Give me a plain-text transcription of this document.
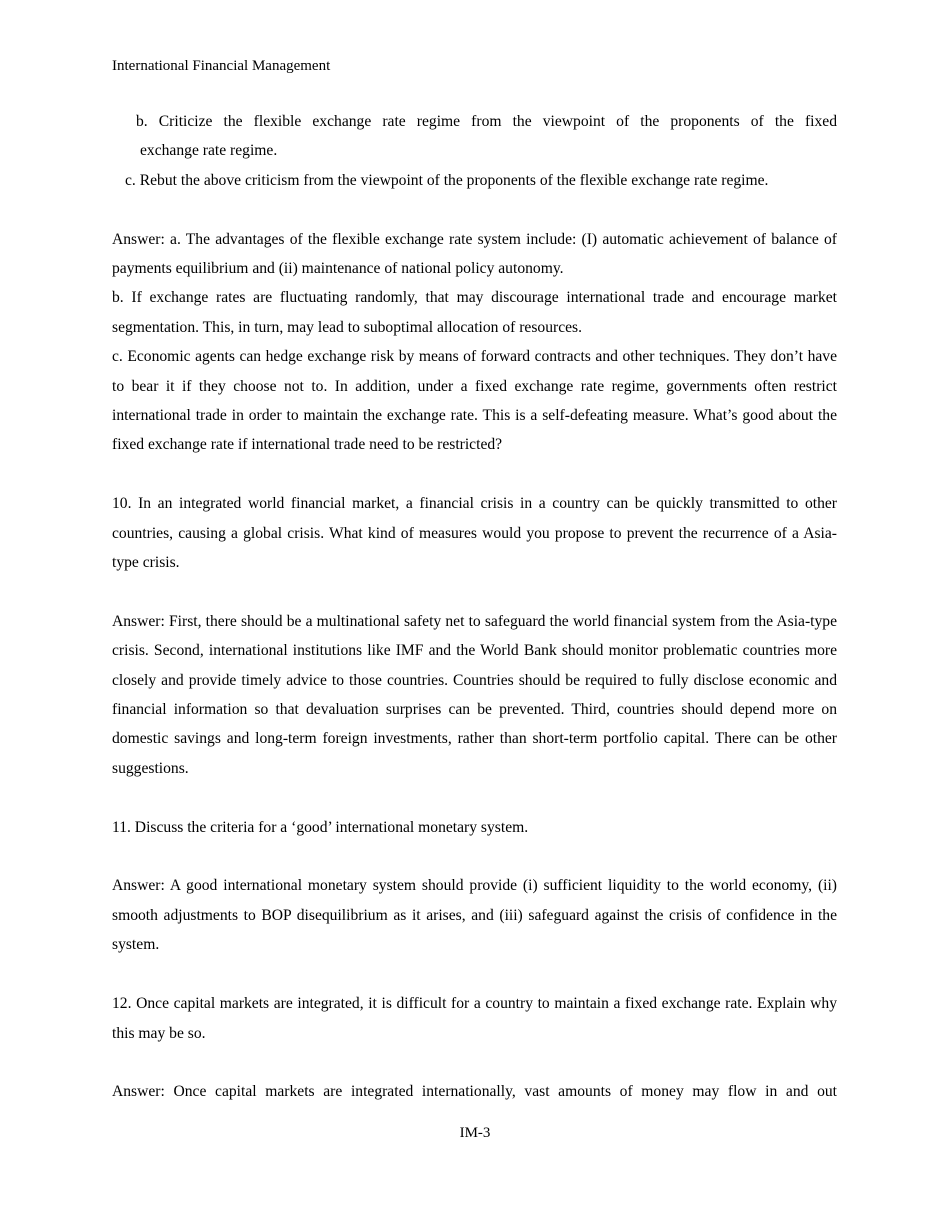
International Financial Management

b. Criticize the flexible exchange rate regime from the viewpoint of the proponents of the fixed

exchange rate regime.

c. Rebut the above criticism from the viewpoint of the proponents of the flexible exchange rate regime.

Answer: a. The advantages of the flexible exchange rate system include: (I) automatic achievement of balance of payments equilibrium and (ii) maintenance of national policy autonomy.

b. If exchange rates are fluctuating randomly, that may discourage international trade and encourage market segmentation. This, in turn, may lead to suboptimal allocation of resources.

c. Economic agents can hedge exchange risk by means of forward contracts and other techniques. They don’t have to bear it if they choose not to. In addition, under a fixed exchange rate regime, governments often restrict international trade in order to maintain the exchange rate. This is a self-defeating measure. What’s good about the fixed exchange rate if international trade need to be restricted?

10. In an integrated world financial market, a financial crisis in a country can be quickly transmitted to other countries, causing a global crisis. What kind of measures would you propose to prevent the recurrence of a Asia-type crisis.

Answer: First, there should be a multinational safety net to safeguard the world financial system from the Asia-type crisis. Second, international institutions like IMF and the World Bank should monitor problematic countries more closely and provide timely advice to those countries. Countries should be required to fully disclose economic and financial information so that devaluation surprises can be prevented. Third, countries should depend more on domestic savings and long-term foreign investments, rather than short-term portfolio capital. There can be other suggestions.

11. Discuss the criteria for a ‘good’ international monetary system.

Answer: A good international monetary system should provide (i) sufficient liquidity to the world economy, (ii) smooth adjustments to BOP disequilibrium as it arises, and (iii) safeguard against the crisis of confidence in the system.

12. Once capital markets are integrated, it is difficult for a country to maintain a fixed exchange rate. Explain why this may be so.

Answer: Once capital markets are integrated internationally, vast amounts of money may flow in and out

IM-3
